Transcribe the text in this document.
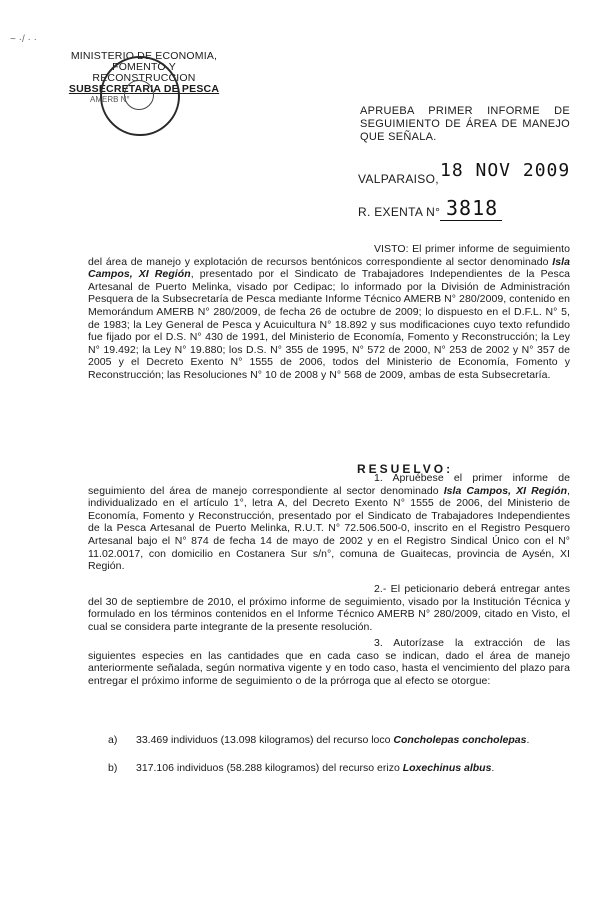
~ ·/ · ·
MINISTERIO DE ECONOMIA,
FOMENTO Y RECONSTRUCCION
SUBSECRETARIA DE PESCA
AMERB N°
APRUEBA PRIMER INFORME DE SEGUIMIENTO DE ÁREA DE MANEJO QUE SEÑALA.
VALPARAISO, 18 NOV 2009
R. EXENTA N° 3818
VISTO: El primer informe de seguimiento del área de manejo y explotación de recursos bentónicos correspondiente al sector denominado Isla Campos, XI Región, presentado por el Sindicato de Trabajadores Independientes de la Pesca Artesanal de Puerto Melinka, visado por Cedipac; lo informado por la División de Administración Pesquera de la Subsecretaría de Pesca mediante Informe Técnico AMERB N° 280/2009, contenido en Memorándum AMERB N° 280/2009, de fecha 26 de octubre de 2009; lo dispuesto en el D.F.L. N° 5, de 1983; la Ley General de Pesca y Acuicultura N° 18.892 y sus modificaciones cuyo texto refundido fue fijado por el D.S. N° 430 de 1991, del Ministerio de Economía, Fomento y Reconstrucción; la Ley N° 19.492; la Ley N° 19.880; los D.S. N° 355 de 1995, N° 572 de 2000, N° 253 de 2002 y N° 357 de 2005 y el Decreto Exento N° 1555 de 2006, todos del Ministerio de Economía, Fomento y Reconstrucción; las Resoluciones N° 10 de 2008 y N° 568 de 2009, ambas de esta Subsecretaría.
RESUELVO:
1. Apruébese el primer informe de seguimiento del área de manejo correspondiente al sector denominado Isla Campos, XI Región, individualizado en el artículo 1°, letra A, del Decreto Exento N° 1555 de 2006, del Ministerio de Economía, Fomento y Reconstrucción, presentado por el Sindicato de Trabajadores Independientes de la Pesca Artesanal de Puerto Melinka, R.U.T. N° 72.506.500-0, inscrito en el Registro Pesquero Artesanal bajo el N° 874 de fecha 14 de mayo de 2002 y en el Registro Sindical Único con el N° 11.02.0017, con domicilio en Costanera Sur s/n°, comuna de Guaitecas, provincia de Aysén, XI Región.
2.- El peticionario deberá entregar antes del 30 de septiembre de 2010, el próximo informe de seguimiento, visado por la Institución Técnica y formulado en los términos contenidos en el Informe Técnico AMERB N° 280/2009, citado en Visto, el cual se considera parte integrante de la presente resolución.
3. Autorízase la extracción de las siguientes especies en las cantidades que en cada caso se indican, dado el área de manejo anteriormente señalada, según normativa vigente y en todo caso, hasta el vencimiento del plazo para entregar el próximo informe de seguimiento o de la prórroga que al efecto se otorgue:
a) 33.469 individuos (13.098 kilogramos) del recurso loco Concholepas concholepas.
b) 317.106 individuos (58.288 kilogramos) del recurso erizo Loxechinus albus.
